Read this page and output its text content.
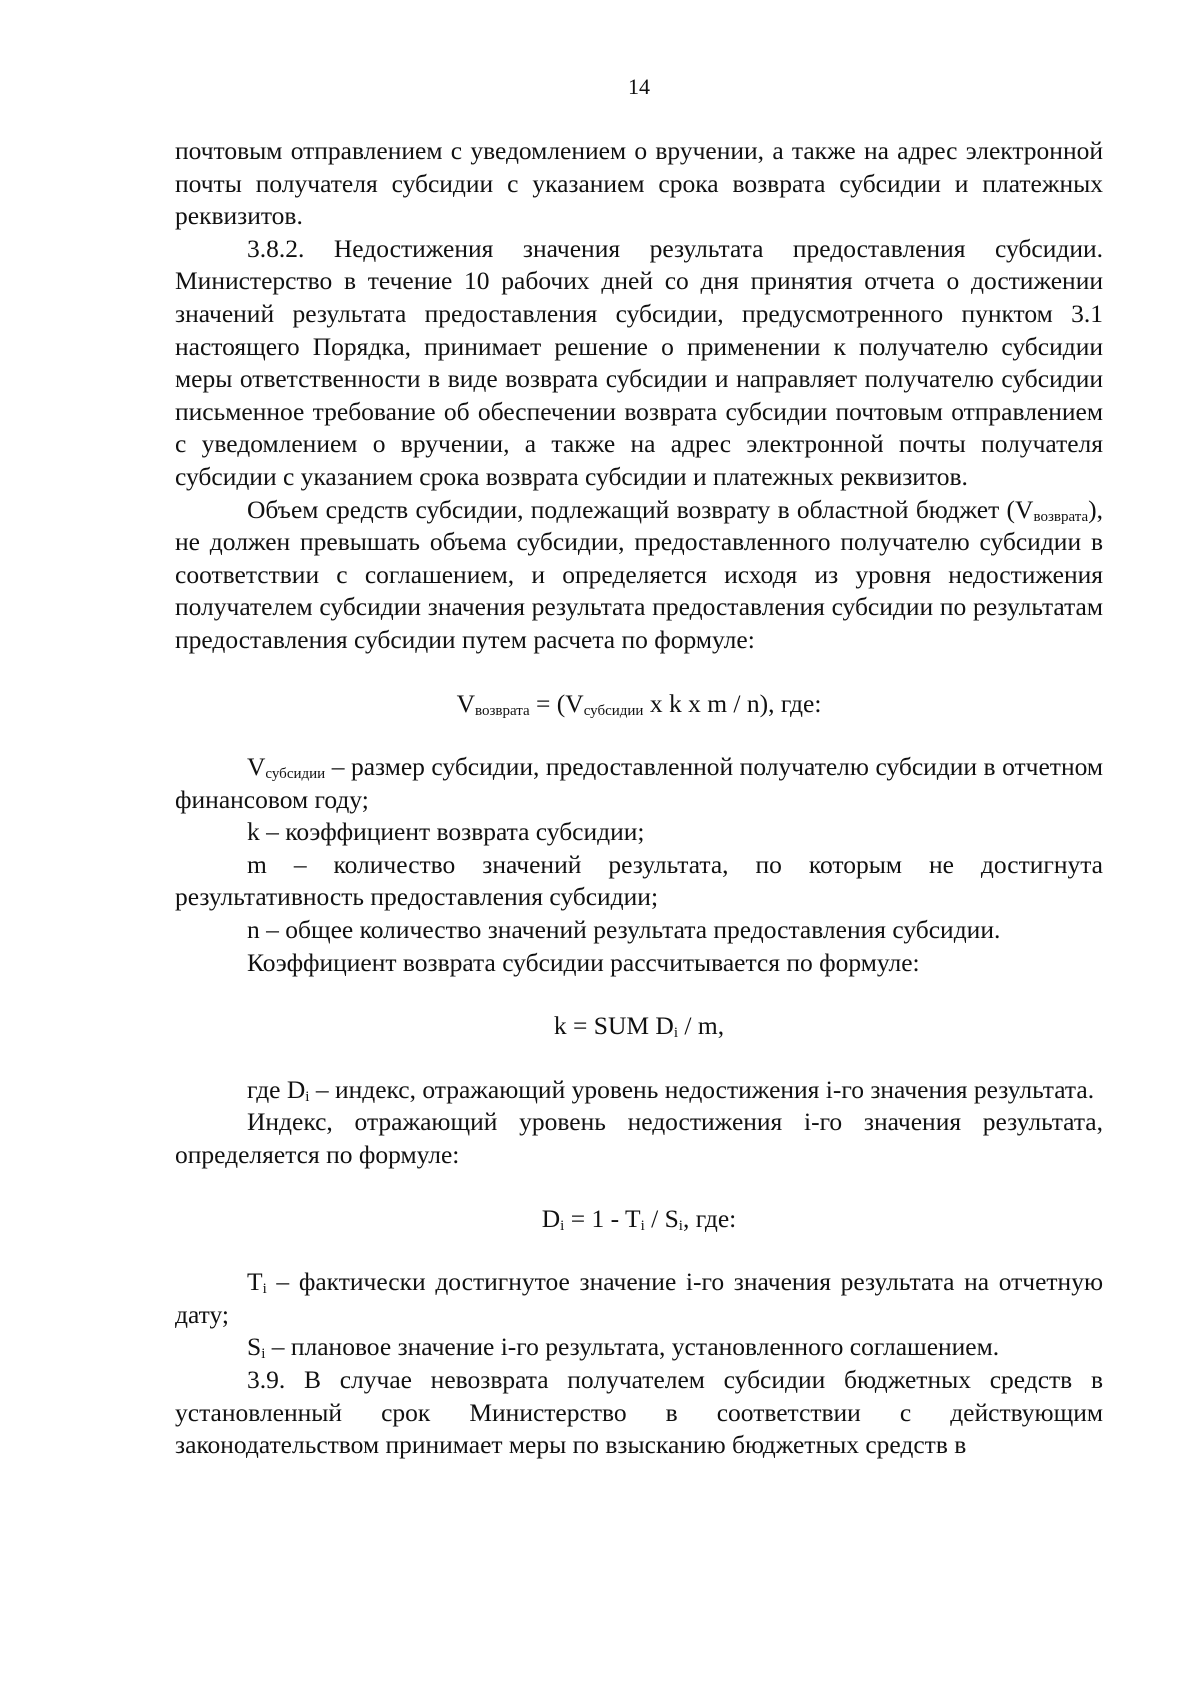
14

почтовым отправлением с уведомлением о вручении, а также на адрес электронной почты получателя субсидии с указанием срока возврата субсидии и платежных реквизитов.

3.8.2. Недостижения значения результата предоставления субсидии. Министерство в течение 10 рабочих дней со дня принятия отчета о достижении значений результата предоставления субсидии, предусмотренного пунктом 3.1 настоящего Порядка, принимает решение о применении к получателю субсидии меры ответственности в виде возврата субсидии и направляет получателю субсидии письменное требование об обеспечении возврата субсидии почтовым отправлением с уведомлением о вручении, а также на адрес электронной почты получателя субсидии с указанием срока возврата субсидии и платежных реквизитов.

Объем средств субсидии, подлежащий возврату в областной бюджет $(V_{возврата})$, не должен превышать объема субсидии, предоставленного получателю субсидии в соответствии с соглашением, и определяется исходя из уровня недостижения получателем субсидии значения результата предоставления субсидии по результатам предоставления субсидии путем расчета по формуле:

$V_{возврата} = (V_{субсидии}$ x k x m / n), где:

$V_{субсидии}$ – размер субсидии, предоставленной получателю субсидии в отчетном финансовом году;

k – коэффициент возврата субсидии;

m – количество значений результата, по которым не достигнута результативность предоставления субсидии;

n – общее количество значений результата предоставления субсидии.

Коэффициент возврата субсидии рассчитывается по формуле:

k = SUM $D_i$ / m,

где $D_i$ – индекс, отражающий уровень недостижения i-го значения результата.

Индекс, отражающий уровень недостижения i-го значения результата, определяется по формуле:

$D_i = 1 - T_i / S_i$, где:

$T_i$ – фактически достигнутое значение i-го значения результата на отчетную дату;

$S_i$ – плановое значение i-го результата, установленного соглашением.

3.9. В случае невозврата получателем субсидии бюджетных средств в установленный срок Министерство в соответствии с действующим законодательством принимает меры по взысканию бюджетных средств в
